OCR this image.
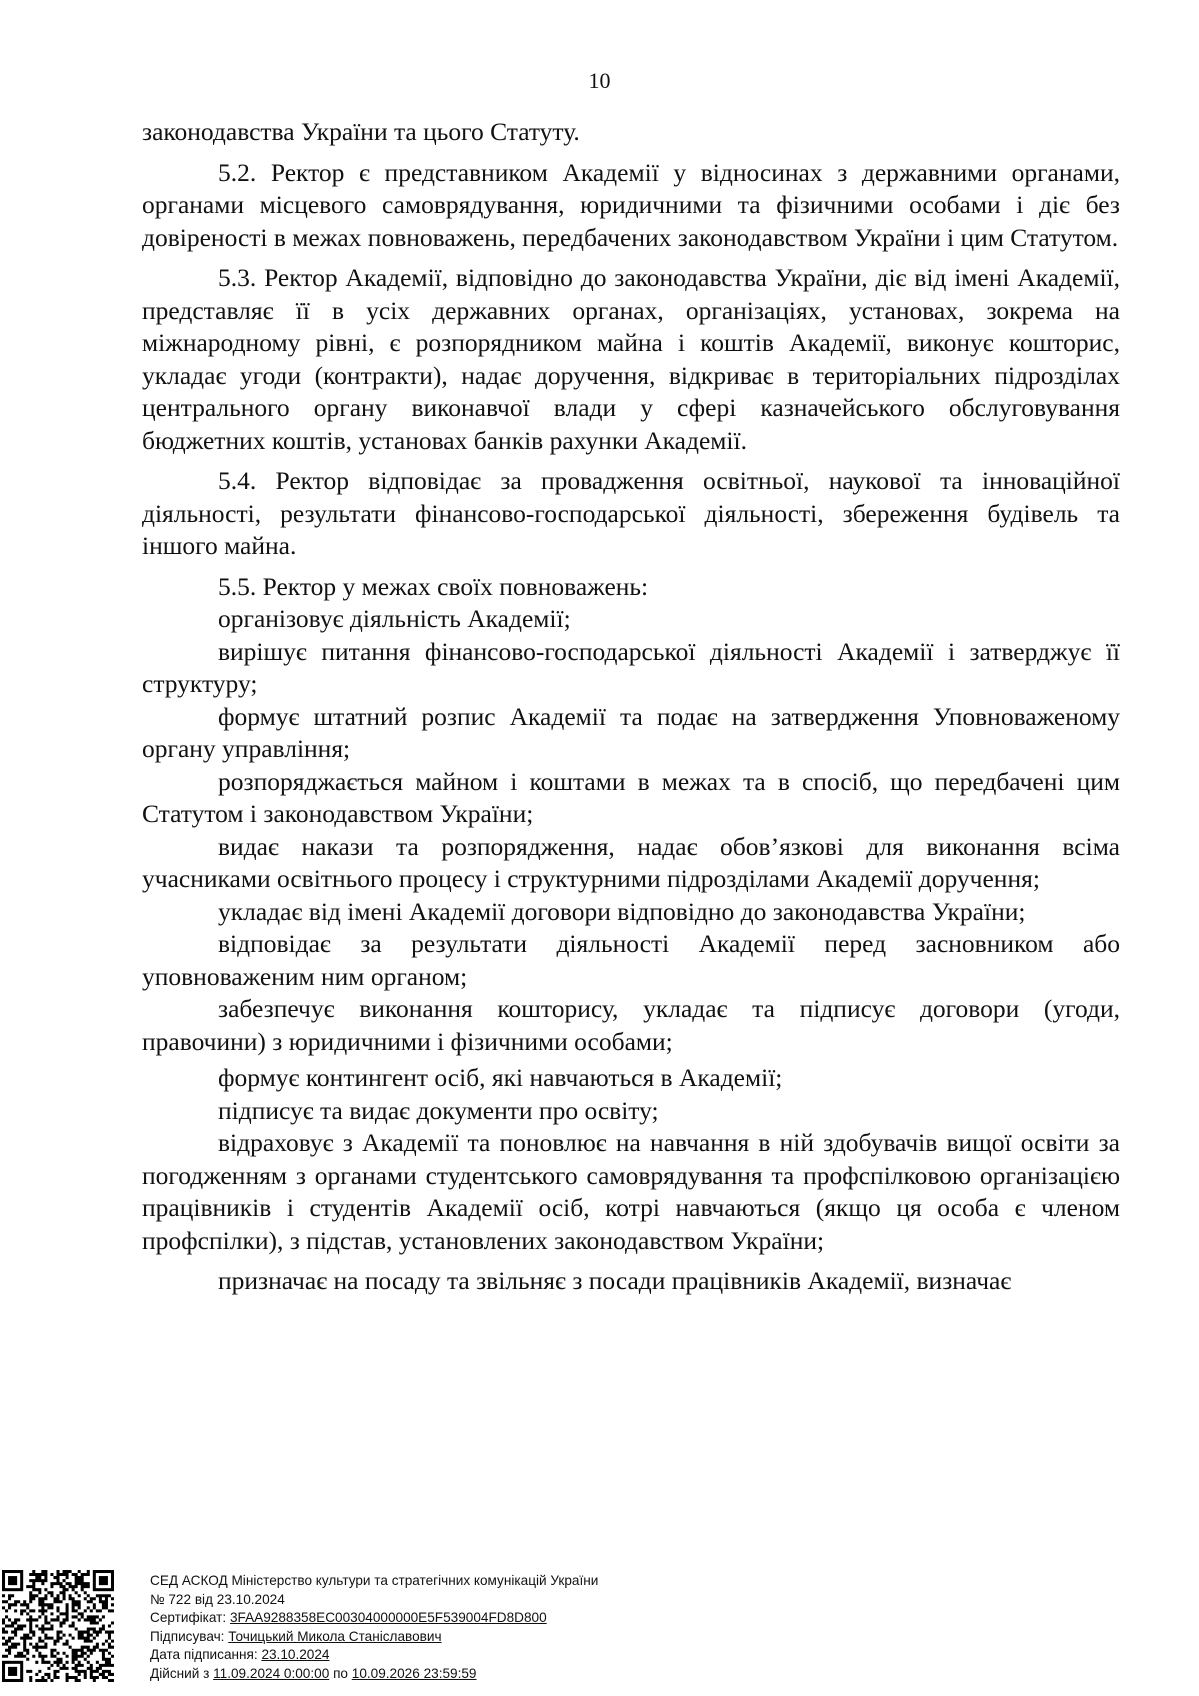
10

законодавства України та цього Статуту.

5.2. Ректор є представником Академії у відносинах з державними органами, органами місцевого самоврядування, юридичними та фізичними особами і діє без довіреності в межах повноважень, передбачених законодавством України і цим Статутом.

5.3. Ректор Академії, відповідно до законодавства України, діє від імені Академії, представляє її в усіх державних органах, організаціях, установах, зокрема на міжнародному рівні, є розпорядником майна і коштів Академії, виконує кошторис, укладає угоди (контракти), надає доручення, відкриває в територіальних підрозділах центрального органу виконавчої влади у сфері казначейського обслуговування бюджетних коштів, установах банків рахунки Академії.

5.4. Ректор відповідає за провадження освітньої, наукової та інноваційної діяльності, результати фінансово-господарської діяльності, збереження будівель та іншого майна.

5.5. Ректор у межах своїх повноважень:

організовує діяльність Академії;

вирішує питання фінансово-господарської діяльності Академії і затверджує її структуру;

формує штатний розпис Академії та подає на затвердження Уповноваженому органу управління;

розпоряджається майном і коштами в межах та в спосіб, що передбачені цим Статутом і законодавством України;

видає накази та розпорядження, надає обов’язкові для виконання всіма учасниками освітнього процесу і структурними підрозділами Академії доручення;

укладає від імені Академії договори відповідно до законодавства України;

відповідає за результати діяльності Академії перед засновником або уповноваженим ним органом;

забезпечує виконання кошторису, укладає та підписує договори (угоди, правочини) з юридичними і фізичними особами;

формує контингент осіб, які навчаються в Академії;

підписує та видає документи про освіту;

відраховує з Академії та поновлює на навчання в ній здобувачів вищої освіти за погодженням з органами студентського самоврядування та профспілковою організацією працівників і студентів Академії осіб, котрі навчаються (якщо ця особа є членом профспілки), з підстав, установлених законодавством України;

призначає на посаду та звільняє з посади працівників Академії, визначає

СЕД АСКОД Міністерство культури та стратегічних комунікацій України
№ 722 від 23.10.2024
Сертифікат: 3FAA9288358EC00304000000E5F539004FD8D800
Підписувач: Точицький Микола Станіславович
Дата підписання: 23.10.2024
Дійсний з 11.09.2024 0:00:00 по 10.09.2026 23:59:59
